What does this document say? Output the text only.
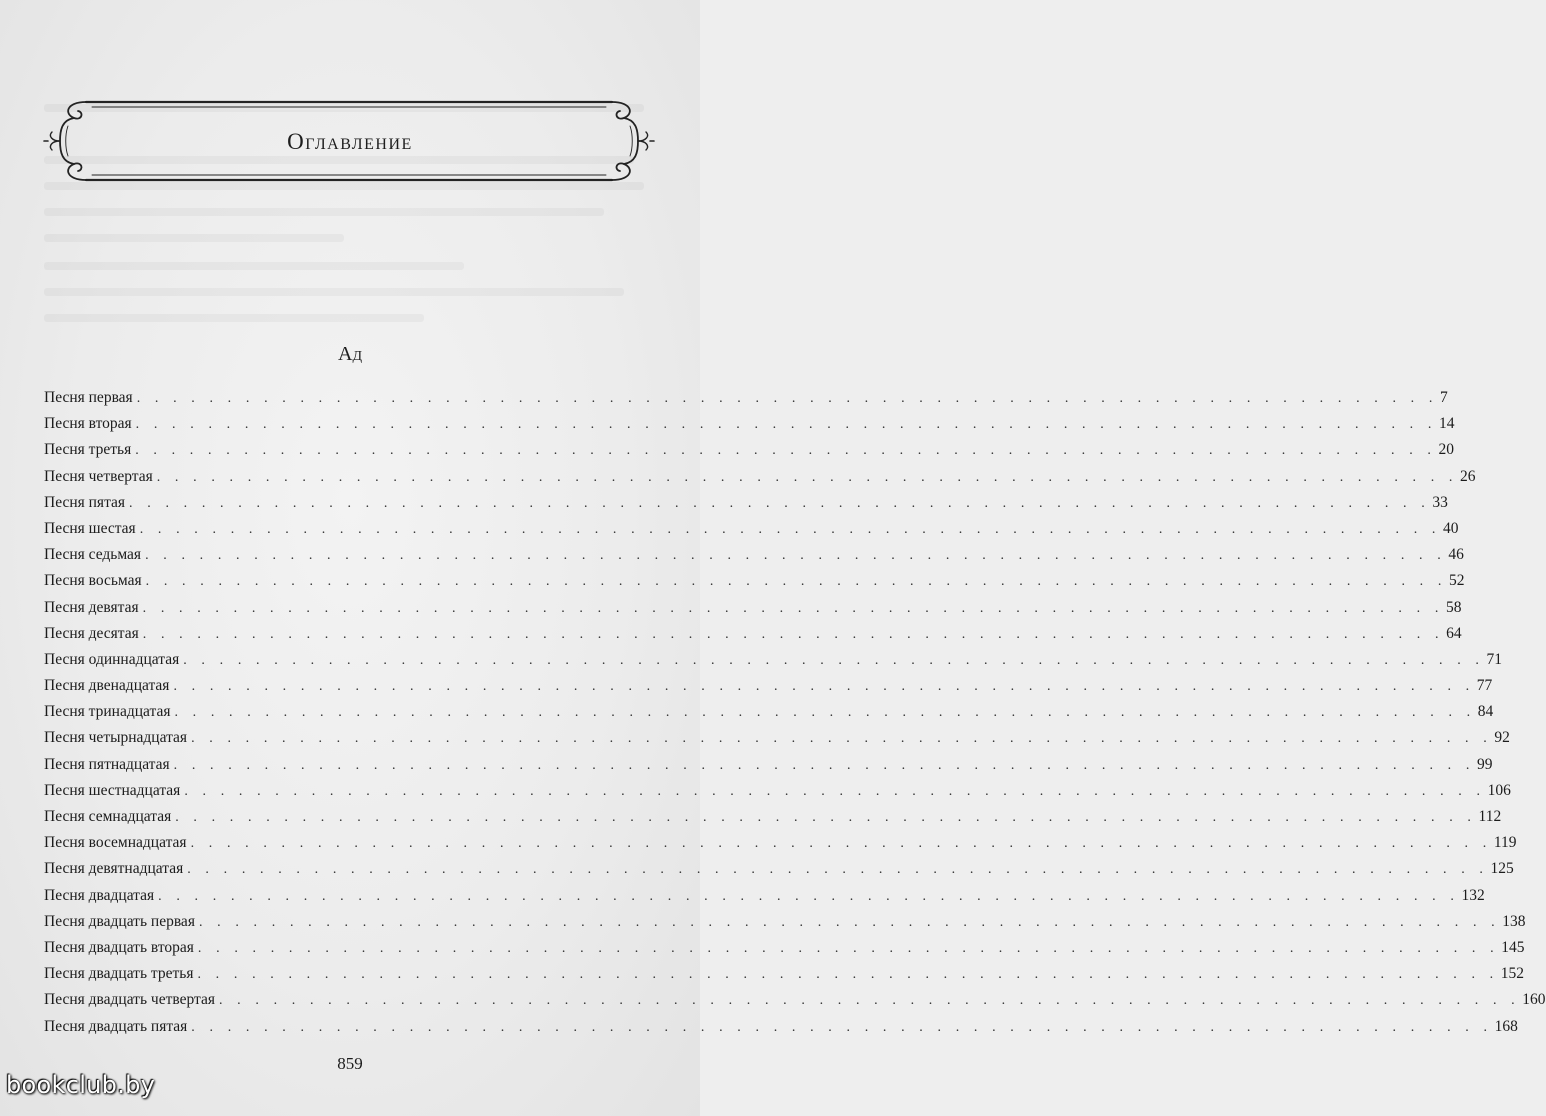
Оглавление
Ад
Песня первая . . . . . . . . . . . . . . . . . . . . . . . . . . . . . . . . . . . . . . . . . . . . . . . . . . . . . . . . . . . . . . . . . . . . . . . . 7
Песня вторая . . . . . . . . . . . . . . . . . . . . . . . . . . . . . . . . . . . . . . . . . . . . . . . . . . . . . . . . . . . . . . . . . . . . . . . . 14
Песня третья . . . . . . . . . . . . . . . . . . . . . . . . . . . . . . . . . . . . . . . . . . . . . . . . . . . . . . . . . . . . . . . . . . . . . . . . 20
Песня четвертая . . . . . . . . . . . . . . . . . . . . . . . . . . . . . . . . . . . . . . . . . . . . . . . . . . . . . . . . . . . . . . . . . . . . . . . . 26
Песня пятая . . . . . . . . . . . . . . . . . . . . . . . . . . . . . . . . . . . . . . . . . . . . . . . . . . . . . . . . . . . . . . . . . . . . . . . . 33
Песня шестая . . . . . . . . . . . . . . . . . . . . . . . . . . . . . . . . . . . . . . . . . . . . . . . . . . . . . . . . . . . . . . . . . . . . . . . . 40
Песня седьмая . . . . . . . . . . . . . . . . . . . . . . . . . . . . . . . . . . . . . . . . . . . . . . . . . . . . . . . . . . . . . . . . . . . . . . . . 46
Песня восьмая . . . . . . . . . . . . . . . . . . . . . . . . . . . . . . . . . . . . . . . . . . . . . . . . . . . . . . . . . . . . . . . . . . . . . . . . 52
Песня девятая . . . . . . . . . . . . . . . . . . . . . . . . . . . . . . . . . . . . . . . . . . . . . . . . . . . . . . . . . . . . . . . . . . . . . . . . 58
Песня десятая . . . . . . . . . . . . . . . . . . . . . . . . . . . . . . . . . . . . . . . . . . . . . . . . . . . . . . . . . . . . . . . . . . . . . . . . 64
Песня одиннадцатая . . . . . . . . . . . . . . . . . . . . . . . . . . . . . . . . . . . . . . . . . . . . . . . . . . . . . . . . . . . . . . . . . . . . . . . . 71
Песня двенадцатая . . . . . . . . . . . . . . . . . . . . . . . . . . . . . . . . . . . . . . . . . . . . . . . . . . . . . . . . . . . . . . . . . . . . . . . . 77
Песня тринадцатая . . . . . . . . . . . . . . . . . . . . . . . . . . . . . . . . . . . . . . . . . . . . . . . . . . . . . . . . . . . . . . . . . . . . . . . . 84
Песня четырнадцатая . . . . . . . . . . . . . . . . . . . . . . . . . . . . . . . . . . . . . . . . . . . . . . . . . . . . . . . . . . . . . . . . . . . . . . . . 92
Песня пятнадцатая . . . . . . . . . . . . . . . . . . . . . . . . . . . . . . . . . . . . . . . . . . . . . . . . . . . . . . . . . . . . . . . . . . . . . . . . 99
Песня шестнадцатая . . . . . . . . . . . . . . . . . . . . . . . . . . . . . . . . . . . . . . . . . . . . . . . . . . . . . . . . . . . . . . . . . . . . . . . . 106
Песня семнадцатая . . . . . . . . . . . . . . . . . . . . . . . . . . . . . . . . . . . . . . . . . . . . . . . . . . . . . . . . . . . . . . . . . . . . . . . . 112
Песня восемнадцатая . . . . . . . . . . . . . . . . . . . . . . . . . . . . . . . . . . . . . . . . . . . . . . . . . . . . . . . . . . . . . . . . . . . . . . . . 119
Песня девятнадцатая . . . . . . . . . . . . . . . . . . . . . . . . . . . . . . . . . . . . . . . . . . . . . . . . . . . . . . . . . . . . . . . . . . . . . . . . 125
Песня двадцатая . . . . . . . . . . . . . . . . . . . . . . . . . . . . . . . . . . . . . . . . . . . . . . . . . . . . . . . . . . . . . . . . . . . . . . . . 132
Песня двадцать первая . . . . . . . . . . . . . . . . . . . . . . . . . . . . . . . . . . . . . . . . . . . . . . . . . . . . . . . . . . . . . . . . . . . . . . . . 138
Песня двадцать вторая . . . . . . . . . . . . . . . . . . . . . . . . . . . . . . . . . . . . . . . . . . . . . . . . . . . . . . . . . . . . . . . . . . . . . . . . 145
Песня двадцать третья . . . . . . . . . . . . . . . . . . . . . . . . . . . . . . . . . . . . . . . . . . . . . . . . . . . . . . . . . . . . . . . . . . . . . . . . 152
Песня двадцать четвертая . . . . . . . . . . . . . . . . . . . . . . . . . . . . . . . . . . . . . . . . . . . . . . . . . . . . . . . . . . . . . . . . . . . . . . . . 160
Песня двадцать пятая . . . . . . . . . . . . . . . . . . . . . . . . . . . . . . . . . . . . . . . . . . . . . . . . . . . . . . . . . . . . . . . . . . . . . . . . 168
859
bookclub.by
